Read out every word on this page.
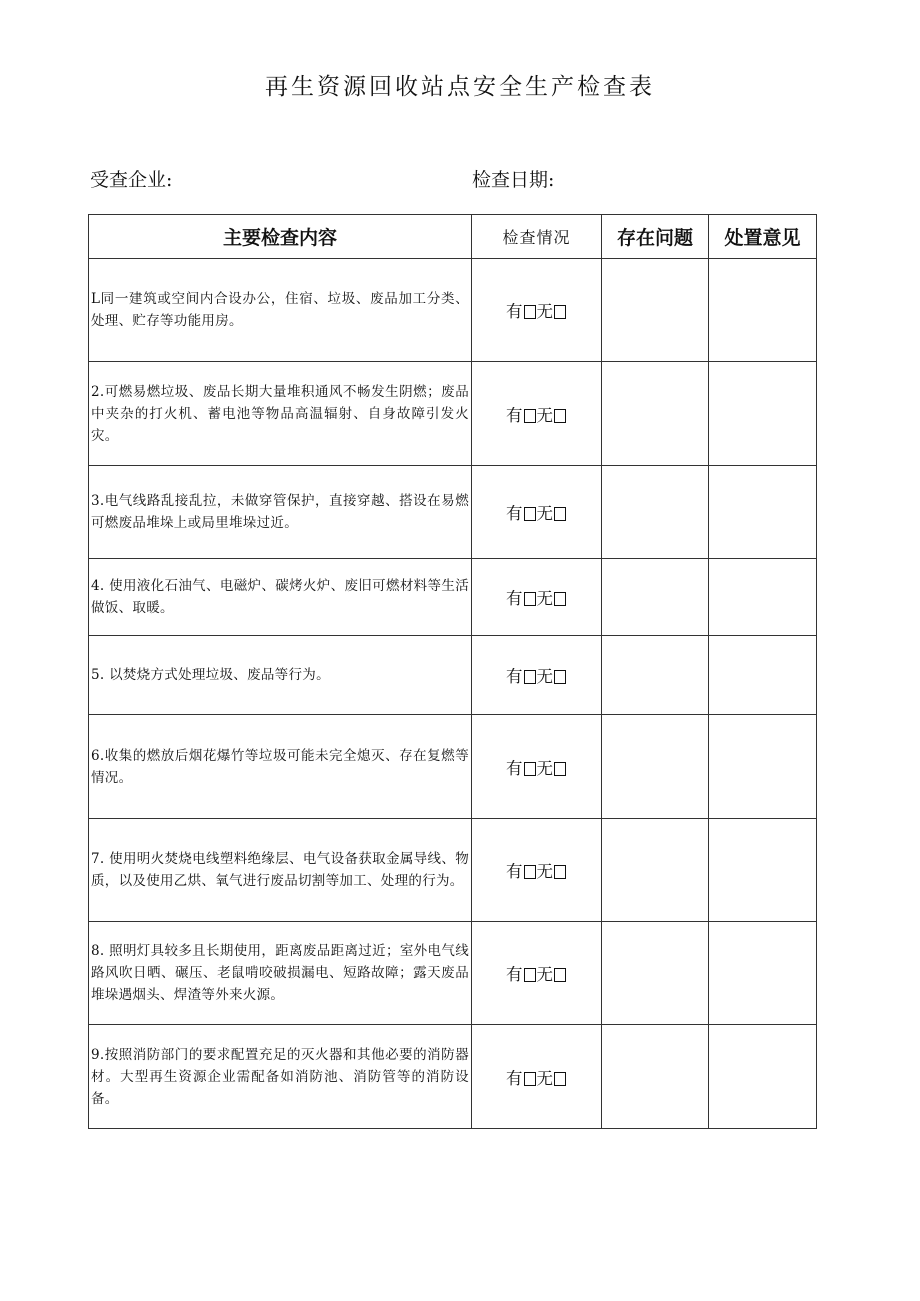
再生资源回收站点安全生产检查表
受查企业:	检查日期:
主要检查内容	检查情况	存在问题	处置意见
L同一建筑或空间内合设办公，住宿、垃圾、废品加工分类、处理、贮存等功能用房。	有 无		
2.可燃易燃垃圾、废品长期大量堆积通风不畅发生阴燃；废品中夹杂的打火机、蓄电池等物品高温辐射、自身故障引发火灾。	有 无		
3.电气线路乱接乱拉，未做穿管保护，直接穿越、搭设在易燃可燃废品堆垛上或局里堆垛过近。	有 无		
4. 使用液化石油气、电磁炉、碳烤火炉、废旧可燃材料等生活做饭、取暖。	有 无		
5. 以焚烧方式处理垃圾、废品等行为。	有 无		
6.收集的燃放后烟花爆竹等垃圾可能未完全熄灭、存在复燃等情况。	有 无		
7. 使用明火焚烧电线塑料绝缘层、电气设备获取金属导线、物质，以及使用乙烘、氧气进行废品切割等加工、处理的行为。	有 无		
8. 照明灯具较多且长期使用，距离废品距离过近；室外电气线路风吹日晒、碾压、老鼠啃咬破损漏电、短路故障；露天废品堆垛遇烟头、焊渣等外来火源。	有 无		
9.按照消防部门的要求配置充足的灭火器和其他必要的消防器材。大型再生资源企业需配备如消防池、消防管等的消防设备。	有 无		
